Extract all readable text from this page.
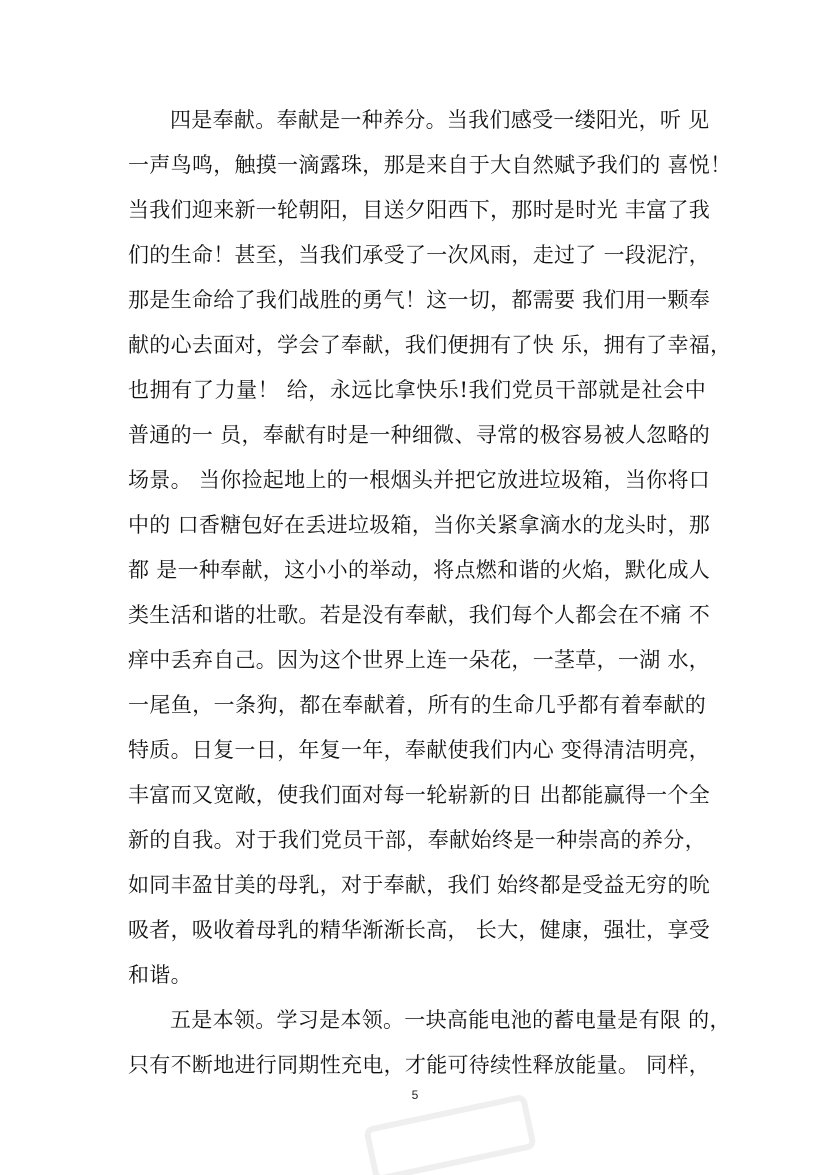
四是奉献。奉献是一种养分。当我们感受一缕阳光，听 见
一声鸟鸣，触摸一滴露珠，那是来自于大自然赋予我们的 喜悦！
当我们迎来新一轮朝阳，目送夕阳西下，那时是时光 丰富了我
们的生命！甚至，当我们承受了一次风雨，走过了 一段泥泞，
那是生命给了我们战胜的勇气！这一切，都需要 我们用一颗奉
献的心去面对，学会了奉献，我们便拥有了快 乐，拥有了幸福，
也拥有了力量！ 给，永远比拿快乐!我们党员干部就是社会中
普通的一 员，奉献有时是一种细微、寻常的极容易被人忽略的
场景。 当你捡起地上的一根烟头并把它放进垃圾箱，当你将口
中的 口香糖包好在丢进垃圾箱，当你关紧拿滴水的龙头时，那
都 是一种奉献，这小小的举动，将点燃和谐的火焰，默化成人
类生活和谐的壮歌。若是没有奉献，我们每个人都会在不痛 不
痒中丢弃自己。因为这个世界上连一朵花，一茎草，一湖 水，
一尾鱼，一条狗，都在奉献着，所有的生命几乎都有着奉献的
特质。日复一日，年复一年，奉献使我们内心 变得清洁明亮，
丰富而又宽敞，使我们面对每一轮崭新的日 出都能赢得一个全
新的自我。对于我们党员干部，奉献始终是一种崇高的养分，
如同丰盈甘美的母乳，对于奉献，我们 始终都是受益无穷的吮
吸者，吸收着母乳的精华渐渐长高， 长大，健康，强壮，享受
和谐。
五是本领。学习是本领。一块高能电池的蓄电量是有限 的，
只有不断地进行同期性充电，才能可待续性释放能量。 同样，
5
